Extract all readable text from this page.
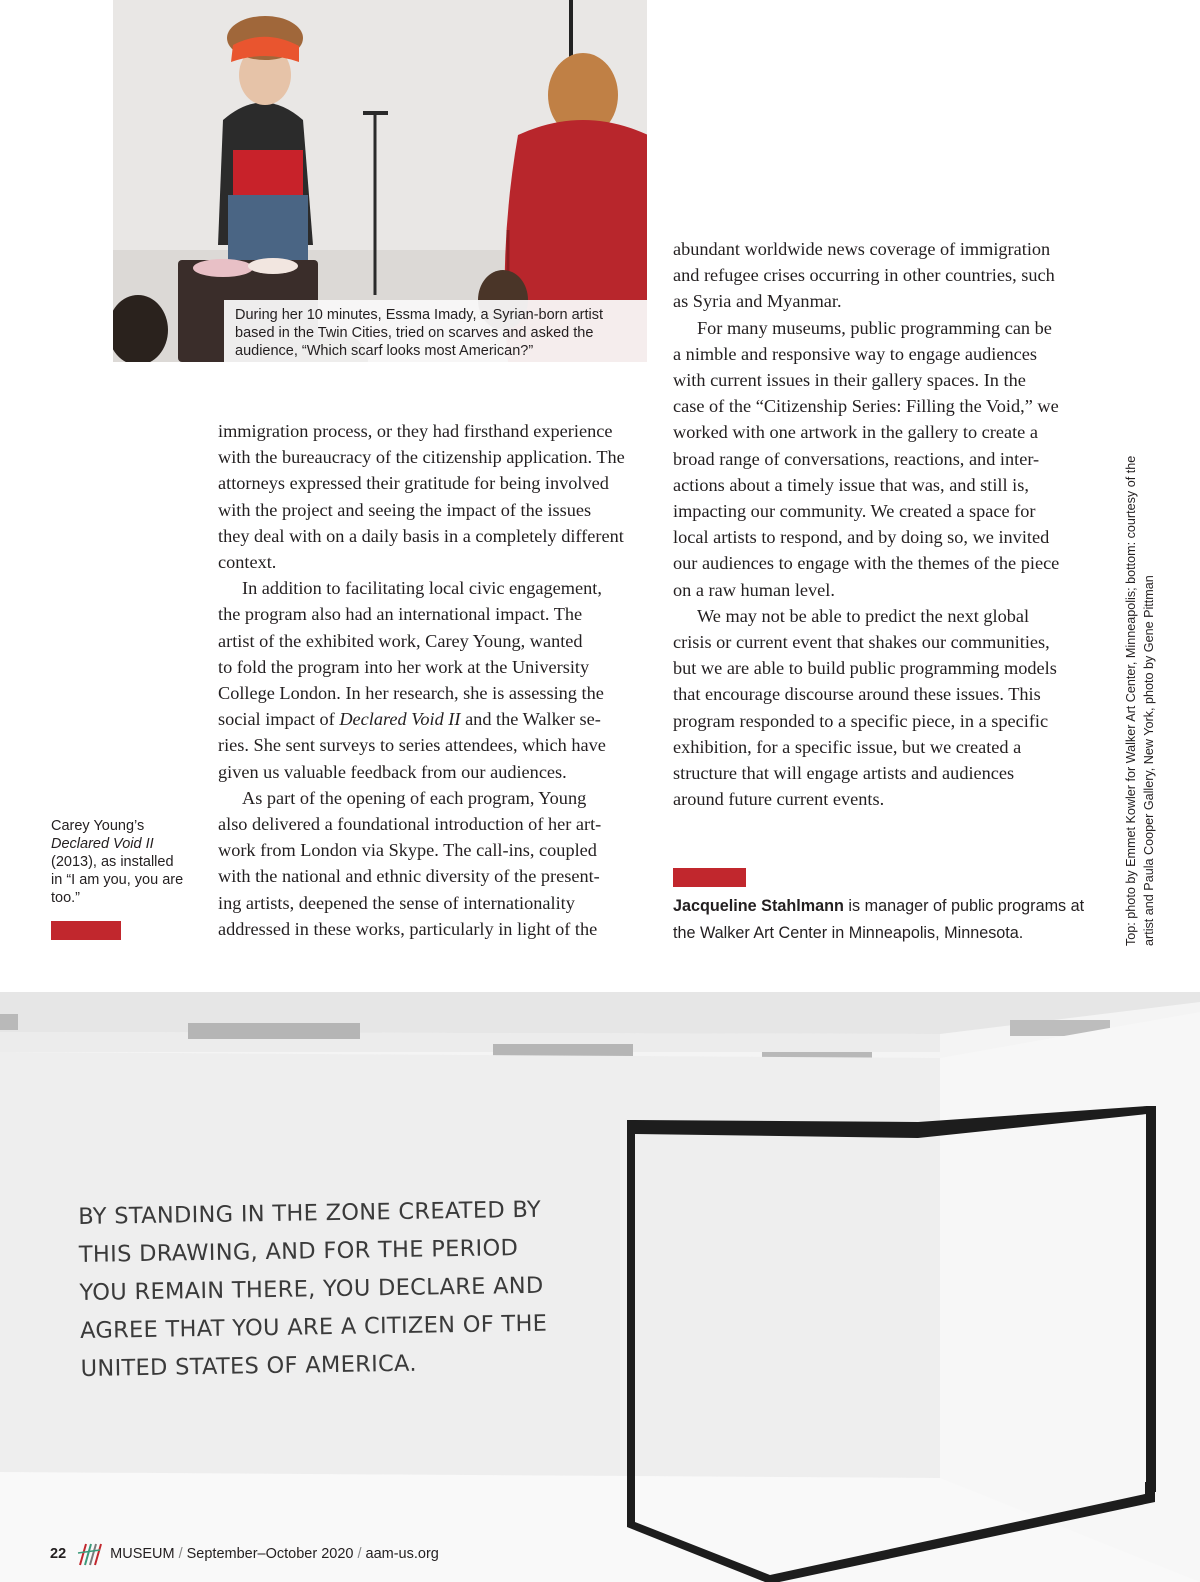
During her 10 minutes, Essma Imady, a Syrian-born artist based in the Twin Cities, tried on scarves and asked the audience, “Which scarf looks most American?”

immigration process, or they had firsthand experience
with the bureaucracy of the citizenship application. The
attorneys expressed their gratitude for being involved
with the project and seeing the impact of the issues
they deal with on a daily basis in a completely different
context.
In addition to facilitating local civic engagement,
the program also had an international impact. The
artist of the exhibited work, Carey Young, wanted
to fold the program into her work at the University
College London. In her research, she is assessing the
social impact of Declared Void II and the Walker se-
ries. She sent surveys to series attendees, which have
given us valuable feedback from our audiences.
As part of the opening of each program, Young
also delivered a foundational introduction of her art-
work from London via Skype. The call-ins, coupled
with the national and ethnic diversity of the present-
ing artists, deepened the sense of internationality
addressed in these works, particularly in light of the
abundant worldwide news coverage of immigration
and refugee crises occurring in other countries, such
as Syria and Myanmar.
For many museums, public programming can be
a nimble and responsive way to engage audiences
with current issues in their gallery spaces. In the
case of the “Citizenship Series: Filling the Void,” we
worked with one artwork in the gallery to create a
broad range of conversations, reactions, and inter-
actions about a timely issue that was, and still is,
impacting our community. We created a space for
local artists to respond, and by doing so, we invited
our audiences to engage with the themes of the piece
on a raw human level.
We may not be able to predict the next global
crisis or current event that shakes our communities,
but we are able to build public programming models
that encourage discourse around these issues. This
program responded to a specific piece, in a specific
exhibition, for a specific issue, but we created a
structure that will engage artists and audiences
around future current events.

Carey Young’s
Declared Void II
(2013), as installed in “I am you, you are too.”	Jacqueline Stahlmann is manager of public programs at the Walker Art Center in Minneapolis, Minnesota.	Top: photo by Emmet Kowler for Walker Art Center, Minneapolis; bottom: courtesy of the artist and Paula Cooper Gallery, New York, photo by Gene Pittman

BY STANDING IN THE ZONE CREATED BY
THIS DRAWING, AND FOR THE PERIOD
YOU REMAIN THERE, YOU DECLARE AND
AGREE THAT YOU ARE A CITIZEN OF THE
UNITED STATES OF AMERICA.
22	MUSEUM / September–October 2020 / aam-us.org
